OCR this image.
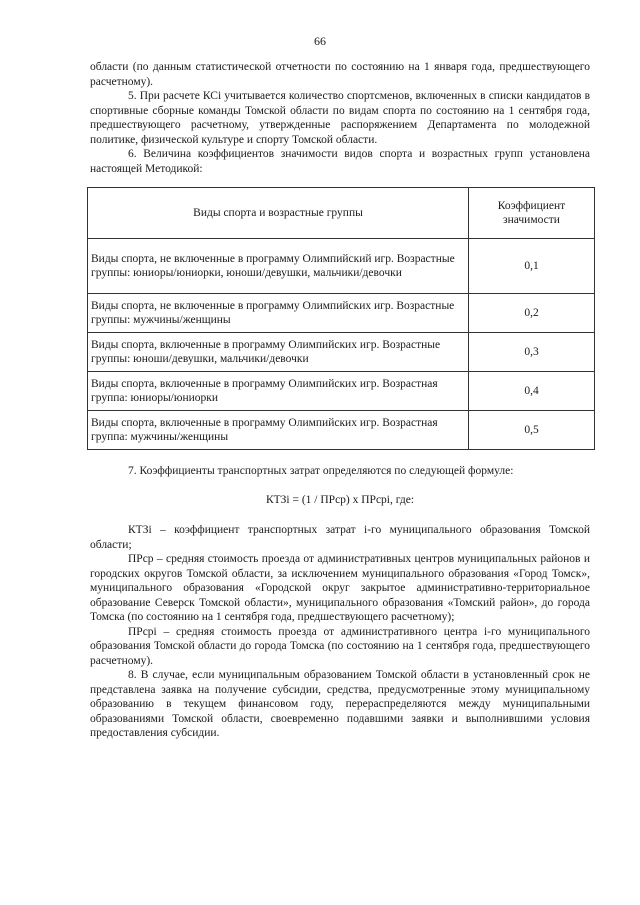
66

области (по данным статистической отчетности по состоянию на 1 января года, предшествующего расчетному).

5. При расчете КСi учитывается количество спортсменов, включенных в списки кандидатов в спортивные сборные команды Томской области по видам спорта по состоянию на 1 сентября года, предшествующего расчетному, утвержденные распоряжением Департамента по молодежной политике, физической культуре и спорту Томской области.

6. Величина коэффициентов значимости видов спорта и возрастных групп установлена настоящей Методикой:

Виды спорта и возрастные группы	Коэффициент значимости
Виды спорта, не включенные в программу Олимпийский игр. Возрастные группы: юниоры/юниорки, юноши/девушки, мальчики/девочки	0,1
Виды спорта, не включенные в программу Олимпийских игр. Возрастные группы: мужчины/женщины	0,2
Виды спорта, включенные в программу Олимпийских игр. Возрастные группы: юноши/девушки, мальчики/девочки	0,3
Виды спорта, включенные в программу Олимпийских игр. Возрастная группа: юниоры/юниорки	0,4
Виды спорта, включенные в программу Олимпийских игр. Возрастная группа: мужчины/женщины	0,5

7. Коэффициенты транспортных затрат определяются по следующей формуле:

КТЗi = (1 / ПРср) х ПРсрi, где:

КТЗi – коэффициент транспортных затрат i-го муниципального образования Томской области;

ПРср – средняя стоимость проезда от административных центров муниципальных районов и городских округов Томской области, за исключением муниципального образования «Город Томск», муниципального образования «Городской округ закрытое административно-территориальное образование Северск Томской области», муниципального образования «Томский район», до города Томска (по состоянию на 1 сентября года, предшествующего расчетному);

ПРсрi – средняя стоимость проезда от административного центра i-го муниципального образования Томской области до города Томска (по состоянию на 1 сентября года, предшествующего расчетному).

8. В случае, если муниципальным образованием Томской области в установленный срок не представлена заявка на получение субсидии, средства, предусмотренные этому муниципальному образованию в текущем финансовом году, перераспределяются между муниципальными образованиями Томской области, своевременно подавшими заявки и выполнившими условия предоставления субсидии.
